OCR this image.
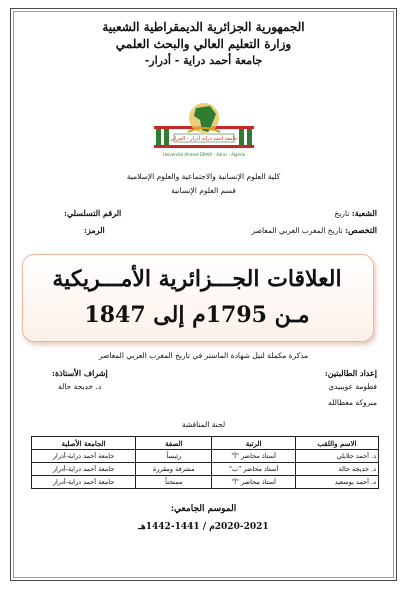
الجمهورية الجزائرية الديمقراطية الشعبية
وزارة التعليم العالي والبحث العلمي
جامعة أحمد دراية - أدرار-
جامعة أحمد دراية أدرار - الجزائر
Université Ahmed DRAIA - Adrar - Algérie
كلية العلوم الإنسانية والاجتماعية والعلوم الإسلامية
قسم العلوم الإنسانية
الشعبة: تاريخ
الرقم التسلسلي:
التخصص: تاريخ المغرب العربي المعاصر
الرمز:
العلاقات الجـــزائرية الأمـــريكية
مـن 1795م إلى 1847
مذكرة مكملة لنيل شهادة الماستر في تاريخ المغرب العربي المعاصر
إعداد الطالبتين:
فطومة عويبيدي
مبروكة معطالله
إشراف الأستاذة:
د. خديجة حالة
لجنة المناقشة
الاسم واللقب	الرتبة	الصفة	الجامعة الأصلية
د. أحمد جلايلي	أستاذ محاضر "أ"	رئيساً	جامعة أحمد دراية-أدرار
د. خديجة حالة	أستاذ محاضر "ب"	مشرفة ومقررة	جامعة أحمد دراية-أدرار
د. أحمد بوسعيد	أستاذ محاضر "أ"	ممتحناً	جامعة أحمد دراية-أدرار
الموسم الجامعي:
2020-2021م / 1441-1442هـ
